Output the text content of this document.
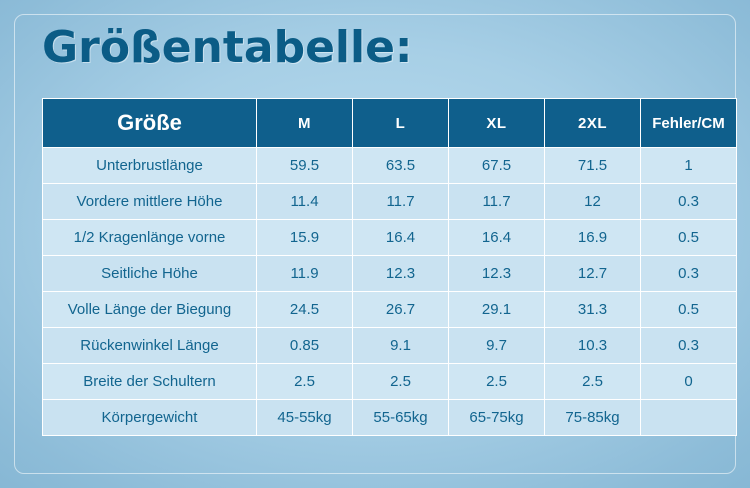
Größentabelle:
Größe	M	L	XL	2XL	Fehler/CM
Unterbrustlänge	59.5	63.5	67.5	71.5	1
Vordere mittlere Höhe	11.4	11.7	11.7	12	0.3
1/2 Kragenlänge vorne	15.9	16.4	16.4	16.9	0.5
Seitliche Höhe	11.9	12.3	12.3	12.7	0.3
Volle Länge der Biegung	24.5	26.7	29.1	31.3	0.5
Rückenwinkel Länge	0.85	9.1	9.7	10.3	0.3
Breite der Schultern	2.5	2.5	2.5	2.5	0
Körpergewicht	45-55kg	55-65kg	65-75kg	75-85kg	
